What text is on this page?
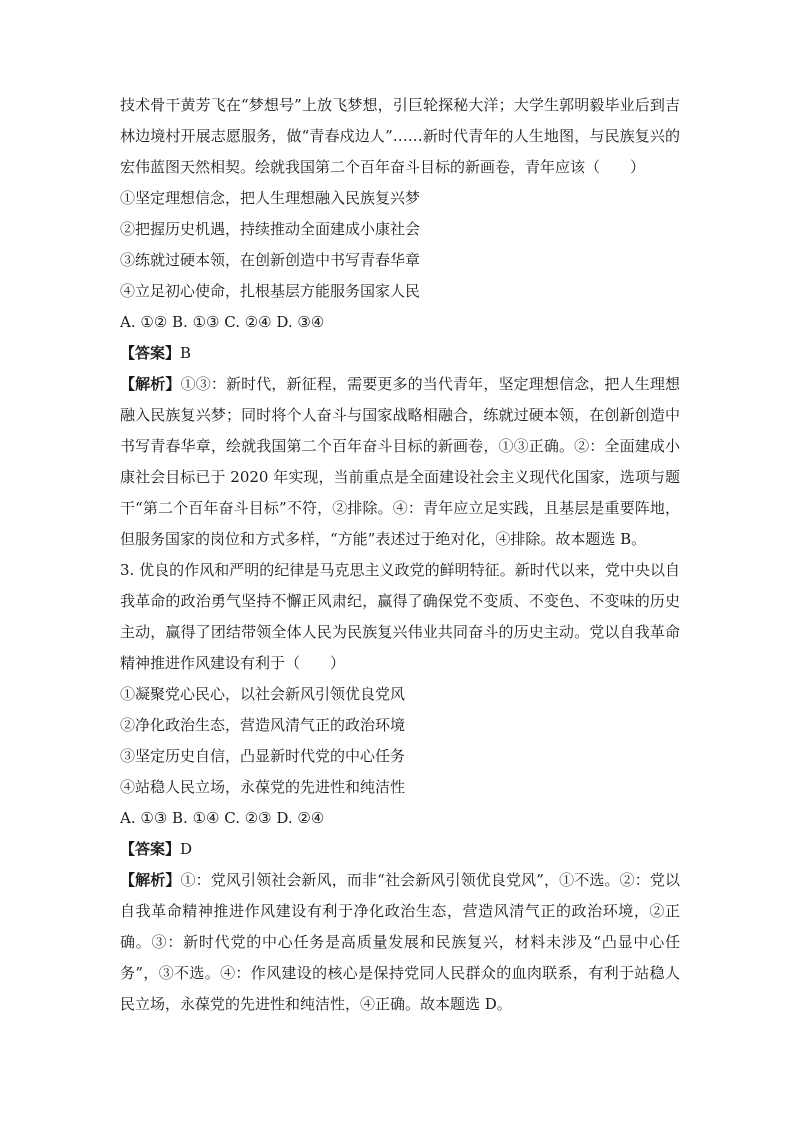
技术骨干黄芳飞在“梦想号”上放飞梦想，引巨轮探秘大洋；大学生郭明毅毕业后到吉林边境村开展志愿服务，做“青春戍边人”……新时代青年的人生地图，与民族复兴的宏伟蓝图天然相契。绘就我国第二个百年奋斗目标的新画卷，青年应该（　　）

①坚定理想信念，把人生理想融入民族复兴梦

②把握历史机遇，持续推动全面建成小康社会

③练就过硬本领，在创新创造中书写青春华章

④立足初心使命，扎根基层方能服务国家人民

A. ①② B. ①③ C. ②④ D. ③④

【答案】B

【解析】①③：新时代，新征程，需要更多的当代青年，坚定理想信念，把人生理想融入民族复兴梦；同时将个人奋斗与国家战略相融合，练就过硬本领，在创新创造中书写青春华章，绘就我国第二个百年奋斗目标的新画卷，①③正确。②：全面建成小康社会目标已于 2020 年实现，当前重点是全面建设社会主义现代化国家，选项与题干“第二个百年奋斗目标”不符，②排除。④：青年应立足实践，且基层是重要阵地，但服务国家的岗位和方式多样，“方能”表述过于绝对化，④排除。故本题选 B。

3. 优良的作风和严明的纪律是马克思主义政党的鲜明特征。新时代以来，党中央以自我革命的政治勇气坚持不懈正风肃纪，赢得了确保党不变质、不变色、不变味的历史主动，赢得了团结带领全体人民为民族复兴伟业共同奋斗的历史主动。党以自我革命精神推进作风建设有利于（　　）

①凝聚党心民心，以社会新风引领优良党风

②净化政治生态，营造风清气正的政治环境

③坚定历史自信，凸显新时代党的中心任务

④站稳人民立场，永葆党的先进性和纯洁性

A. ①③ B. ①④ C. ②③ D. ②④

【答案】D

【解析】①：党风引领社会新风，而非“社会新风引领优良党风”，①不选。②：党以自我革命精神推进作风建设有利于净化政治生态，营造风清气正的政治环境，②正确。③：新时代党的中心任务是高质量发展和民族复兴，材料未涉及“凸显中心任务”，③不选。④：作风建设的核心是保持党同人民群众的血肉联系，有利于站稳人民立场，永葆党的先进性和纯洁性，④正确。故本题选 D。
